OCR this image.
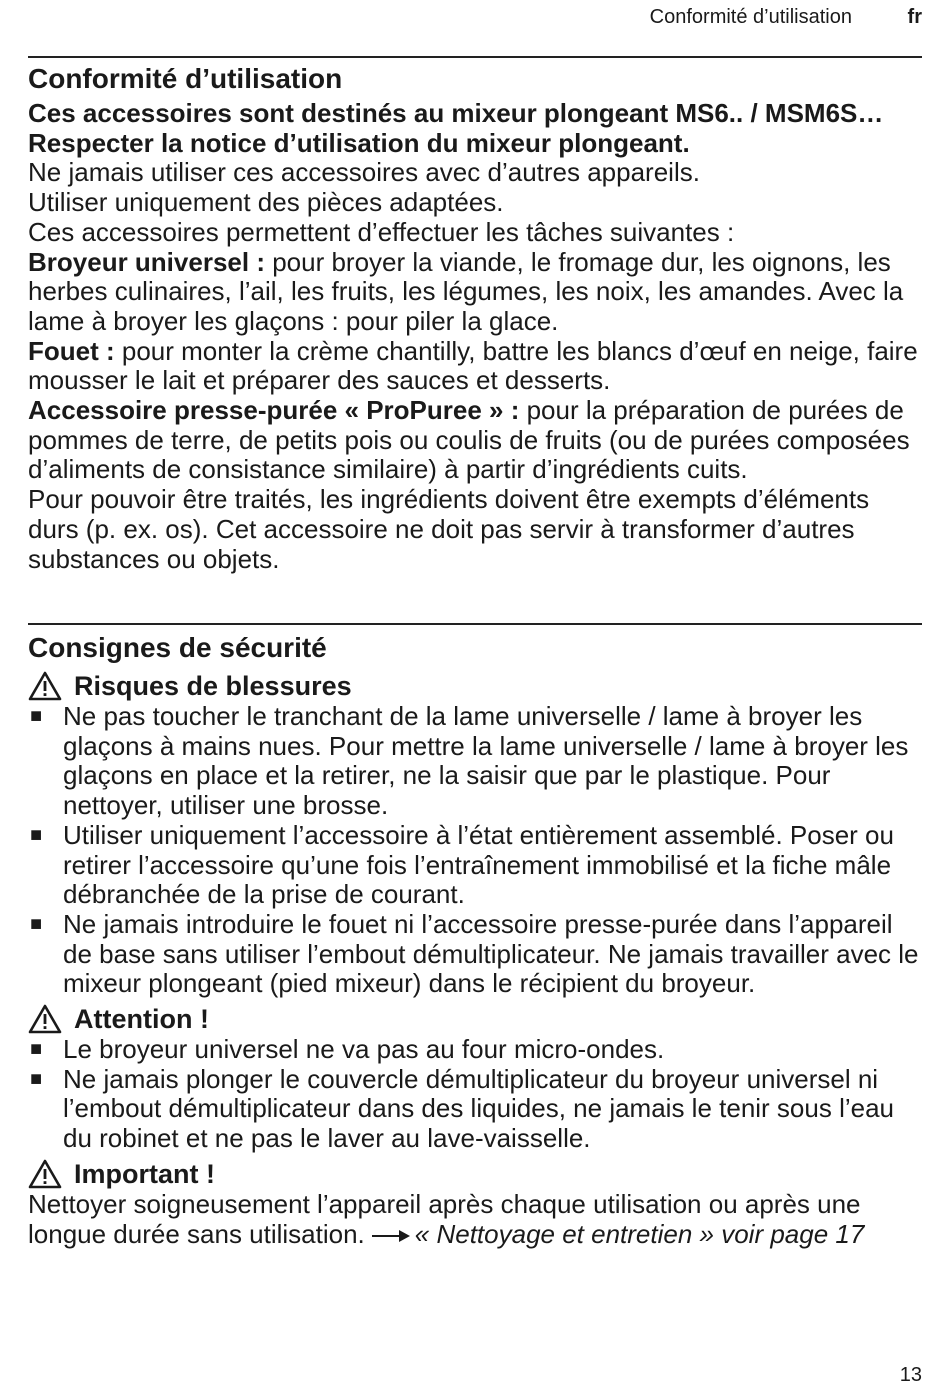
Conformité d’utilisation	fr
Conformité d’utilisation

Ces accessoires sont destinés au mixeur plongeant MS6.. / MSM6S… Respecter la notice d’utilisation du mixeur plongeant.

Ne jamais utiliser ces accessoires avec d’autres appareils.

Utiliser uniquement des pièces adaptées.

Ces accessoires permettent d’effectuer les tâches suivantes :

Broyeur universel : pour broyer la viande, le fromage dur, les oignons, les herbes culinaires, l’ail, les fruits, les légumes, les noix, les amandes. Avec la lame à broyer les glaçons : pour piler la glace.

Fouet : pour monter la crème chantilly, battre les blancs d’œuf en neige, faire mousser le lait et préparer des sauces et desserts.

Accessoire presse-purée « ProPuree » : pour la préparation de purées de pommes de terre, de petits pois ou coulis de fruits (ou de purées composées d’aliments de consistance similaire) à partir d’ingrédients cuits.

Pour pouvoir être traités, les ingrédients doivent être exempts d’éléments durs (p. ex. os). Cet accessoire ne doit pas servir à transformer d’autres substances ou objets.

Consignes de sécurité
Risques de blessures
■ Ne pas toucher le tranchant de la lame universelle / lame à broyer les glaçons à mains nues. Pour mettre la lame universelle / lame à broyer les glaçons en place et la retirer, ne la saisir que par le plastique. Pour nettoyer, utiliser une brosse.
■ Utiliser uniquement l’accessoire à l’état entièrement assemblé. Poser ou retirer l’accessoire qu’une fois l’entraînement immobilisé et la fiche mâle débranchée de la prise de courant.
■ Ne jamais introduire le fouet ni l’accessoire presse-purée dans l’appareil de base sans utiliser l’embout démultiplicateur. Ne jamais travailler avec le mixeur plongeant (pied mixeur) dans le récipient du broyeur.
Attention !
■ Le broyeur universel ne va pas au four micro-ondes.
■ Ne jamais plonger le couvercle démultiplicateur du broyeur universel ni l’embout démultiplicateur dans des liquides, ne jamais le tenir sous l’eau du robinet et ne pas le laver au lave-vaisselle.
Important !

Nettoyer soigneusement l’appareil après chaque utilisation ou après une longue durée sans utilisation. « Nettoyage et entretien » voir page 17

13
